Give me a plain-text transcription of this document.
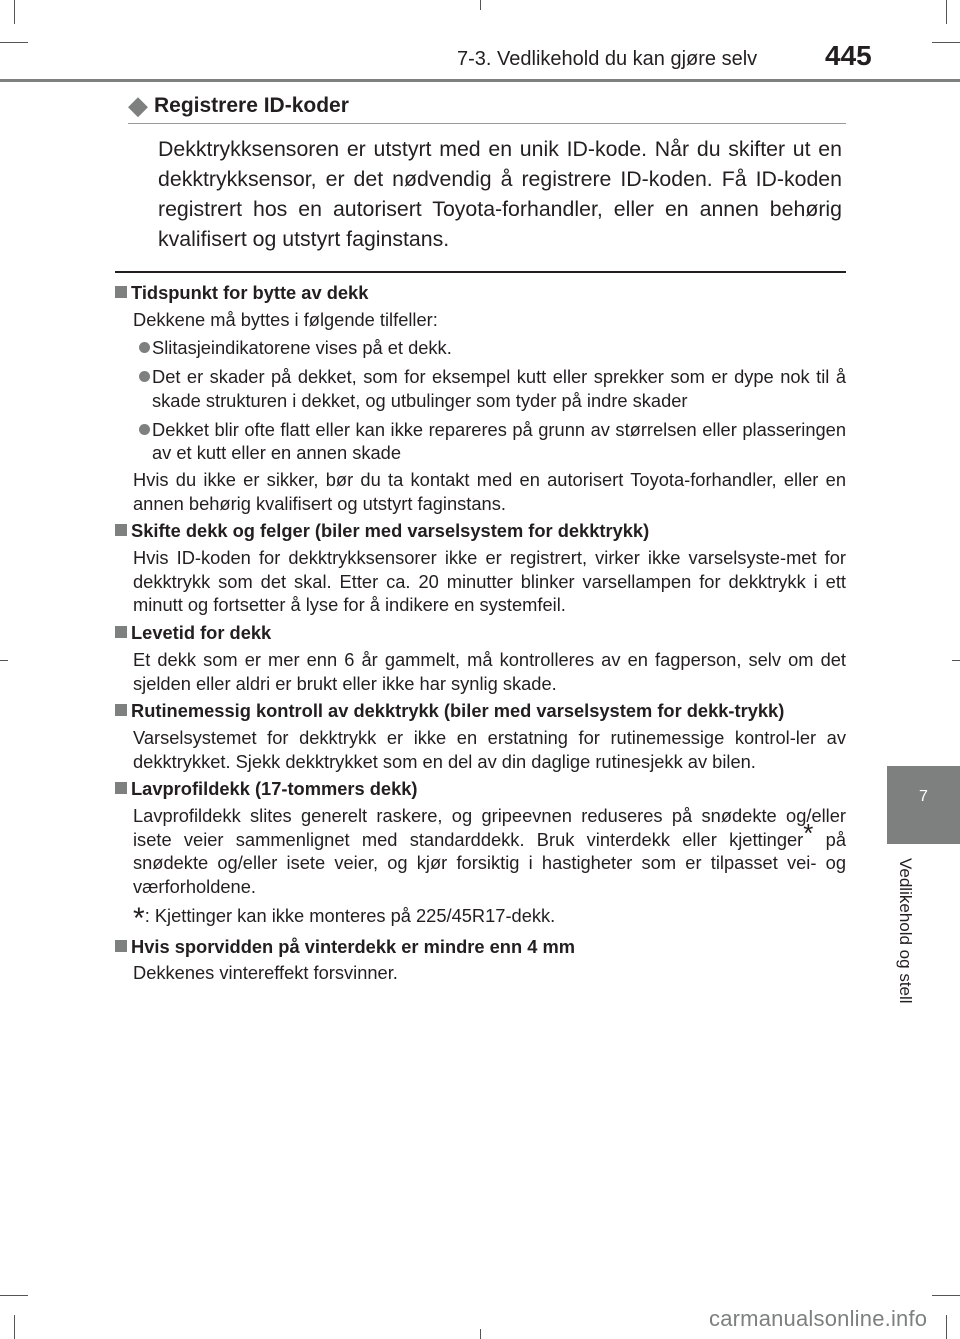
7-3. Vedlikehold du kan gjøre selv 445
7
Vedlikehold og stell
◆ Registrere ID-koder

Dekktrykksensoren er utstyrt med en unik ID-kode. Når du skifter ut en dekktrykksensor, er det nødvendig å registrere ID-koden. Få ID-koden registrert hos en autorisert Toyota-forhandler, eller en annen behørig kvalifisert og utstyrt faginstans.

Tidspunkt for bytte av dekk
Dekkene må byttes i følgende tilfeller:
Slitasjeindikatorene vises på et dekk.
Det er skader på dekket, som for eksempel kutt eller sprekker som er dype nok til å skade strukturen i dekket, og utbulinger som tyder på indre skader
Dekket blir ofte flatt eller kan ikke repareres på grunn av størrelsen eller plasseringen av et kutt eller en annen skade
Hvis du ikke er sikker, bør du ta kontakt med en autorisert Toyota-forhandler, eller en annen behørig kvalifisert og utstyrt faginstans.
Skifte dekk og felger (biler med varselsystem for dekktrykk)
Hvis ID-koden for dekktrykksensorer ikke er registrert, virker ikke varselsyste-met for dekktrykk som det skal. Etter ca. 20 minutter blinker varsellampen for dekktrykk i ett minutt og fortsetter å lyse for å indikere en systemfeil.
Levetid for dekk
Et dekk som er mer enn 6 år gammelt, må kontrolleres av en fagperson, selv om det sjelden eller aldri er brukt eller ikke har synlig skade.
Rutinemessig kontroll av dekktrykk (biler med varselsystem for dekk-trykk)
Varselsystemet for dekktrykk er ikke en erstatning for rutinemessige kontrol-ler av dekktrykket. Sjekk dekktrykket som en del av din daglige rutinesjekk av bilen.
Lavprofildekk (17-tommers dekk)
Lavprofildekk slites generelt raskere, og gripeevnen reduseres på snødekte og/eller isete veier sammenlignet med standarddekk. Bruk vinterdekk eller kjettinger* på snødekte og/eller isete veier, og kjør forsiktig i hastigheter som er tilpasset vei- og værforholdene.
*: Kjettinger kan ikke monteres på 225/45R17-dekk.
Hvis sporvidden på vinterdekk er mindre enn 4 mm
Dekkenes vintereffekt forsvinner.
carmanualsonline.info
